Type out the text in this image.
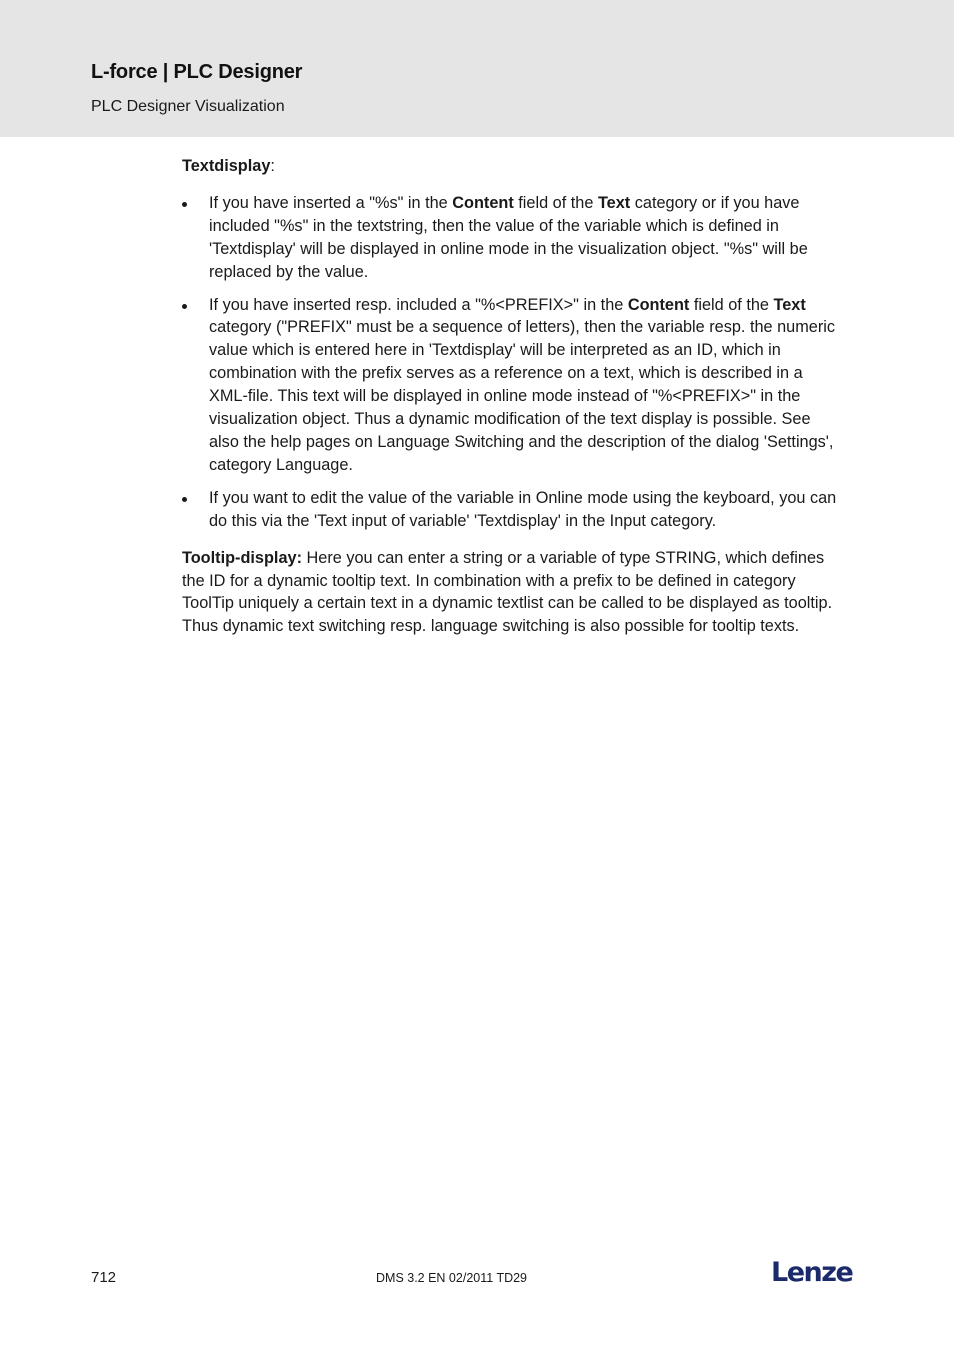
L-force | PLC Designer
PLC Designer Visualization
Textdisplay:
If you have inserted a "%s" in the Content field of the Text category or if you have included "%s" in the textstring, then the value of the variable which is defined in 'Textdisplay' will be displayed in online mode in the visualization object. "%s" will be replaced by the value.
If you have inserted resp. included a "%<PREFIX>" in the Content field of the Text category ("PREFIX" must be a sequence of letters), then the variable resp. the numeric value which is entered here in 'Textdisplay' will be interpreted as an ID, which in combination with the prefix serves as a reference on a text, which is described in a XML-file. This text will be displayed in online mode instead of "%<PREFIX>" in the visualization object. Thus a dynamic modification of the text display is possible. See also the help pages on Language Switching and the description of the dialog 'Settings', category Language.
If you want to edit the value of the variable in Online mode using the keyboard, you can do this via the 'Text input of variable' 'Textdisplay' in the Input category.

Tooltip-display: Here you can enter a string or a variable of type STRING, which defines the ID for a dynamic tooltip text. In combination with a prefix to be defined in category ToolTip uniquely a certain text in a dynamic textlist can be called to be displayed as tooltip. Thus dynamic text switching resp. language switching is also possible for tooltip texts.

712	DMS 3.2 EN 02/2011 TD29	Lenze
